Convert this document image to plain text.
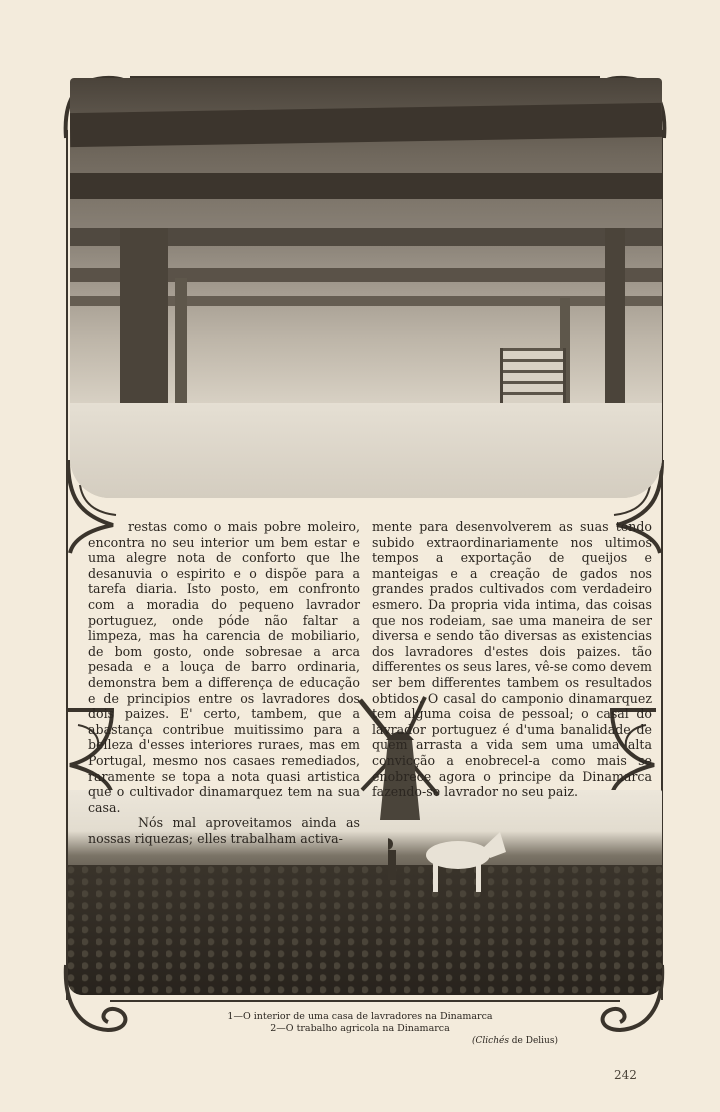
restas como o mais pobre moleiro, encontra no seu interior um bem estar e uma alegre nota de conforto que lhe desanuvia o espirito e o dispõe para a tarefa diaria. Isto posto, em confronto com a moradia do pequeno lavrador portuguez, onde póde não faltar a limpeza, mas ha carencia de mobiliario, de bom gosto, onde sobresae a arca pesada e a louça de barro ordinaria, demonstra bem a differença de educação e de principios entre os lavradores dos dois paizes. E' certo, tambem, que a abastança contribue muitissimo para a belleza d'esses interiores ruraes, mas em Portugal, mesmo nos casaes remediados, raramente se topa a nota quasi artistica que o cultivador dinamarquez tem na sua casa.

Nós mal aproveitamos ainda as nossas riquezas; elles trabalham activa-

mente para desenvolverem as suas tendo subido extraordinariamente nos ultimos tempos a exportação de queijos e manteigas e a creação de gados nos grandes prados cultivados com verdadeiro esmero. Da propria vida intima, das coisas que nos rodeiam, sae uma maneira de ser diversa e sendo tão diversas as existencias dos lavradores d'estes dois paizes. tão differentes os seus lares, vê-se como devem ser bem differentes tambem os resultados obtidos. O casal do camponio dinamarquez tem alguma coisa de pessoal; o casal do lavrador portuguez é d'uma banalidade de quem arrasta a vida sem uma uma alta convicção a enobrecel-a como mais se enobrece agora o principe da Dinamarca fazendo-se lavrador no seu paiz.

1—O interior de uma casa de lavradores na Dinamarca
2—O trabalho agricola na Dinamarca
(Clichés de Delius)
242
